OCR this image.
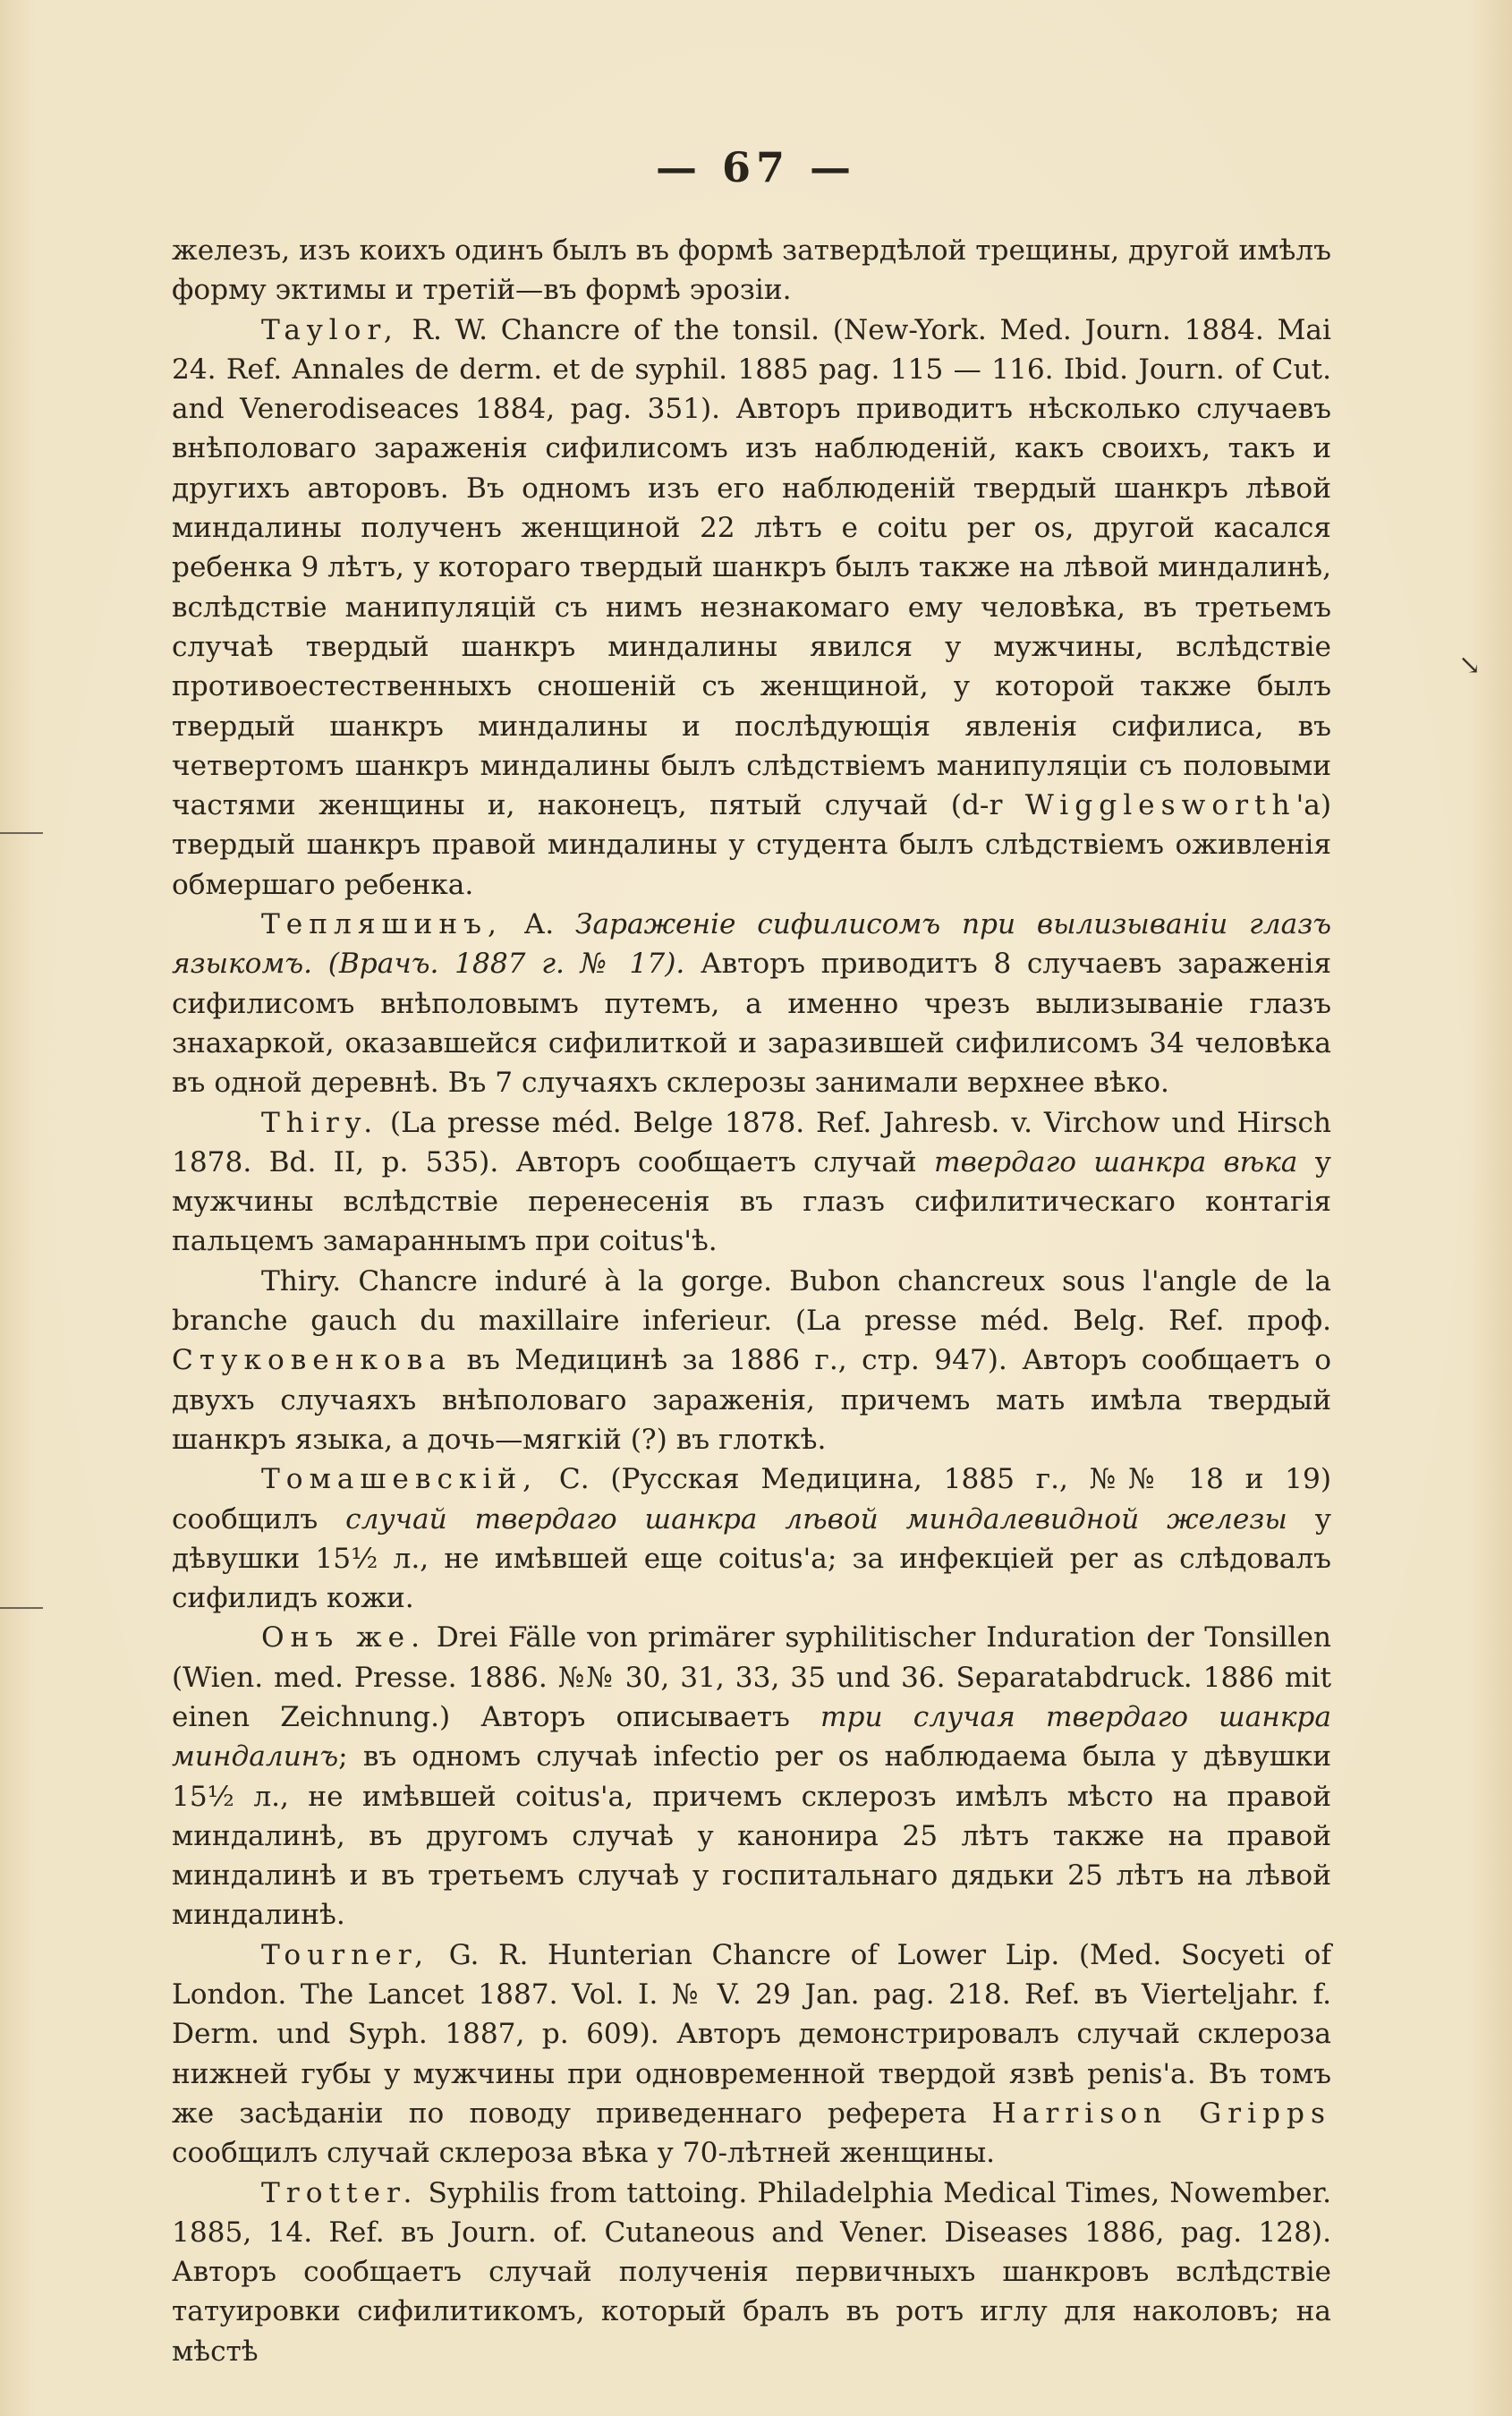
↘
— 67 —

железъ, изъ коихъ одинъ былъ въ формѣ затвердѣлой трещины, другой имѣлъ форму эктимы и третій—въ формѣ эрозіи.

Taylor, R. W. Chancre of the tonsil. (New-York. Med. Journ. 1884. Mai 24. Ref. Annales de derm. et de syphil. 1885 pag. 115 — 116. Ibid. Journ. of Cut. and Venerodiseaces 1884, pag. 351). Авторъ приводитъ нѣсколько случаевъ внѣполоваго зараженія сифилисомъ изъ наблюденій, какъ своихъ, такъ и другихъ авторовъ. Въ одномъ изъ его наблюденій твердый шанкръ лѣвой миндалины полученъ женщиной 22 лѣтъ е coitu per os, другой касался ребенка 9 лѣтъ, у котораго твердый шанкръ былъ также на лѣвой миндалинѣ, вслѣдствіе манипуляцій съ нимъ незнакомаго ему человѣка, въ третьемъ случаѣ твердый шанкръ миндалины явился у мужчины, вслѣдствіе противоестественныхъ сношеній съ женщиной, у которой также былъ твердый шанкръ миндалины и послѣдующія явленія сифилиса, въ четвертомъ шанкръ миндалины былъ слѣдствіемъ манипуляціи съ половыми частями женщины и, наконецъ, пятый случай (d-r Wigglesworth'а) твердый шанкръ правой миндалины у студента былъ слѣдствіемъ оживленія обмершаго ребенка.

Тепляшинъ, А. Зараженіе сифилисомъ при вылизываніи глазъ языкомъ. (Врачъ. 1887 г. № 17). Авторъ приводитъ 8 случаевъ зараженія сифилисомъ внѣполовымъ путемъ, а именно чрезъ вылизываніе глазъ знахаркой, оказавшейся сифилиткой и заразившей сифилисомъ 34 человѣка въ одной деревнѣ. Въ 7 случаяхъ склерозы занимали верхнее вѣко.

Thiry. (La presse méd. Belge 1878. Ref. Jahresb. v. Virchow und Hirsch 1878. Bd. II, p. 535). Авторъ сообщаетъ случай твердаго шанкра вѣка у мужчины вслѣдствіе перенесенія въ глазъ сифилитическаго контагія пальцемъ замараннымъ при coitus'ѣ.

Thiry. Chancre induré à la gorge. Bubon chancreux sous l'angle de la branche gauch du maxillaire inferieur. (La presse méd. Belg. Ref. проф. Стуковенкова въ Медицинѣ за 1886 г., стр. 947). Авторъ сообщаетъ о двухъ случаяхъ внѣполоваго зараженія, причемъ мать имѣла твердый шанкръ языка, а дочь—мягкій (?) въ глоткѣ.

Томашевскій, С. (Русская Медицина, 1885 г., №№ 18 и 19) сообщилъ случай твердаго шанкра лѣвой миндалевидной железы у дѣвушки 15½ л., не имѣвшей еще coitus'а; за инфекціей per as слѣдовалъ сифилидъ кожи.

Онъ же. Drei Fälle von primärer syphilitischer Induration der Tonsillen (Wien. med. Presse. 1886. №№ 30, 31, 33, 35 und 36. Separatabdruck. 1886 mit einen Zeichnung.) Авторъ описываетъ три случая твердаго шанкра миндалинъ; въ одномъ случаѣ infectio per os наблюдаема была у дѣвушки 15½ л., не имѣвшей coitus'а, причемъ склерозъ имѣлъ мѣсто на правой миндалинѣ, въ другомъ случаѣ у канонира 25 лѣтъ также на правой миндалинѣ и въ третьемъ случаѣ у госпитальнаго дядьки 25 лѣтъ на лѣвой миндалинѣ.

Tourner, G. R. Hunterian Chancre of Lower Lip. (Med. Socyeti of London. The Lancet 1887. Vol. I. № V. 29 Jan. pag. 218. Ref. въ Vierteljahr. f. Derm. und Syph. 1887, p. 609). Авторъ демонстрировалъ случай склероза нижней губы у мужчины при одновременной твердой язвѣ penis'а. Въ томъ же засѣданіи по поводу приведеннаго реферета Harrison Gripps сообщилъ случай склероза вѣка у 70-лѣтней женщины.

Trotter. Syphilis from tattoing. Philadelphia Medical Times, Nowember. 1885, 14. Ref. въ Journ. of. Cutaneous and Vener. Diseases 1886, pag. 128). Авторъ сообщаетъ случай полученія первичныхъ шанкровъ вслѣдствіе татуировки сифилитикомъ, который бралъ въ ротъ иглу для наколовъ; на мѣстѣ
